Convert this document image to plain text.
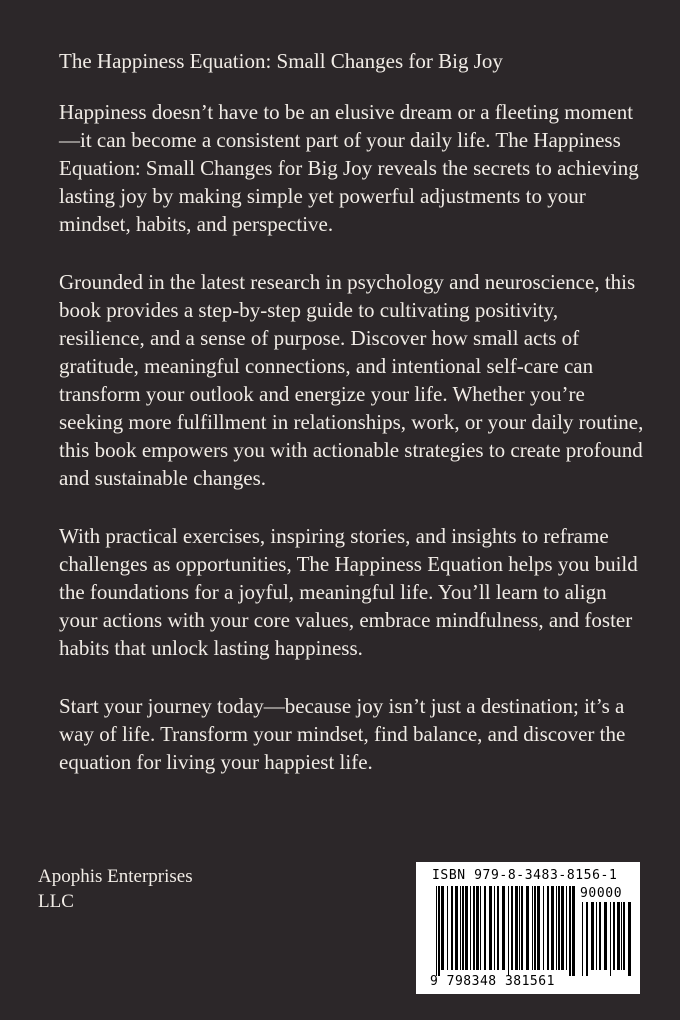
The Happiness Equation: Small Changes for Big Joy

Happiness doesn’t have to be an elusive dream or a fleeting moment—it can become a consistent part of your daily life. The Happiness Equation: Small Changes for Big Joy reveals the secrets to achieving lasting joy by making simple yet powerful adjustments to your mindset, habits, and perspective.

Grounded in the latest research in psychology and neuroscience, this book provides a step-by-step guide to cultivating positivity, resilience, and a sense of purpose. Discover how small acts of gratitude, meaningful connections, and intentional self-care can transform your outlook and energize your life. Whether you’re seeking more fulfillment in relationships, work, or your daily routine, this book empowers you with actionable strategies to create profound and sustainable changes.

With practical exercises, inspiring stories, and insights to reframe challenges as opportunities, The Happiness Equation helps you build the foundations for a joyful, meaningful life. You’ll learn to align your actions with your core values, embrace mindfulness, and foster habits that unlock lasting happiness.

Start your journey today—because joy isn’t just a destination; it’s a way of life. Transform your mindset, find balance, and discover the equation for living your happiest life.

Apophis Enterprises
LLC
ISBN 979-8-3483-8156-1
90000
9 798348 381561
